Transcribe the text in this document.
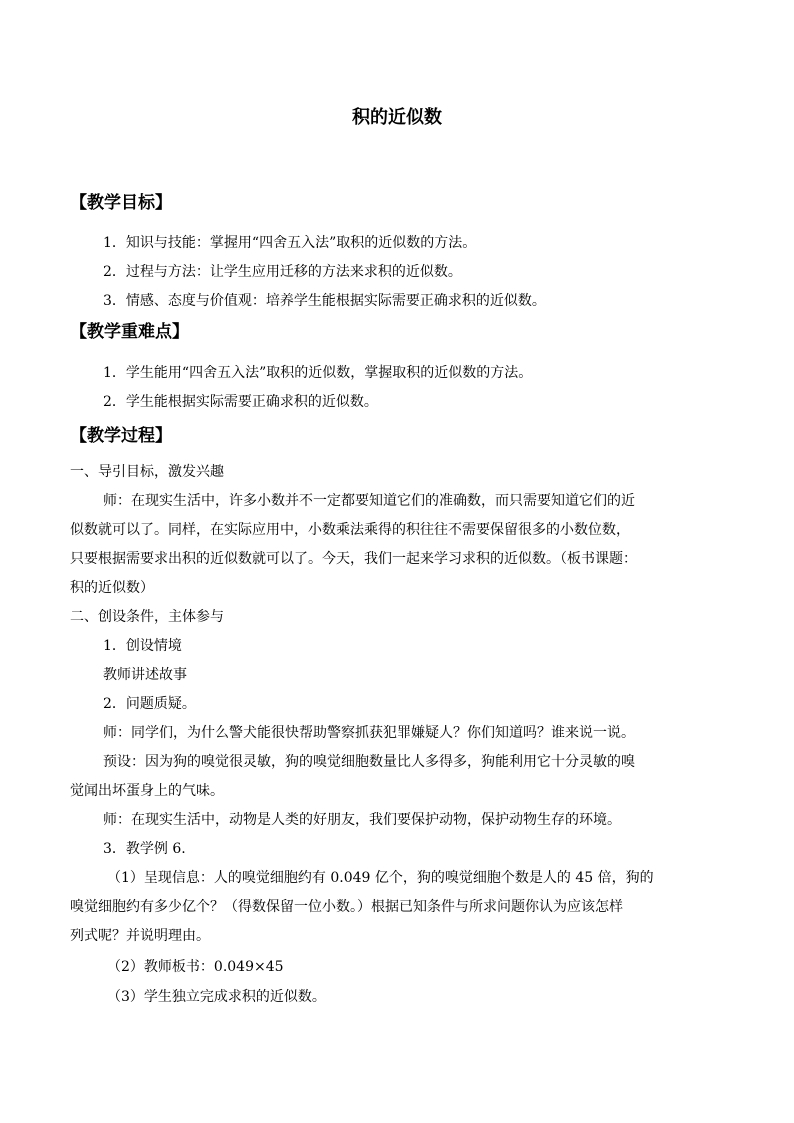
积的近似数
【教学目标】
1．知识与技能：掌握用“四舍五入法”取积的近似数的方法。
2．过程与方法：让学生应用迁移的方法来求积的近似数。
3．情感、态度与价值观：培养学生能根据实际需要正确求积的近似数。
【教学重难点】
1．学生能用“四舍五入法”取积的近似数，掌握取积的近似数的方法。
2．学生能根据实际需要正确求积的近似数。
【教学过程】
一、导引目标，激发兴趣
师：在现实生活中，许多小数并不一定都要知道它们的准确数，而只需要知道它们的近
似数就可以了。同样，在实际应用中，小数乘法乘得的积往往不需要保留很多的小数位数，
只要根据需要求出积的近似数就可以了。今天，我们一起来学习求积的近似数。（板书课题：
积的近似数）
二、创设条件，主体参与
1．创设情境
教师讲述故事
2．问题质疑。
师：同学们，为什么警犬能很快帮助警察抓获犯罪嫌疑人？你们知道吗？谁来说一说。
预设：因为狗的嗅觉很灵敏，狗的嗅觉细胞数量比人多得多，狗能利用它十分灵敏的嗅
觉闻出坏蛋身上的气味。
师：在现实生活中，动物是人类的好朋友，我们要保护动物，保护动物生存的环境。
3．教学例 6.
（1）呈现信息：人的嗅觉细胞约有 0.049 亿个，狗的嗅觉细胞个数是人的 45 倍，狗的
嗅觉细胞约有多少亿个？（得数保留一位小数。）根据已知条件与所求问题你认为应该怎样
列式呢？并说明理由。
（2）教师板书：0.049×45
（3）学生独立完成求积的近似数。
